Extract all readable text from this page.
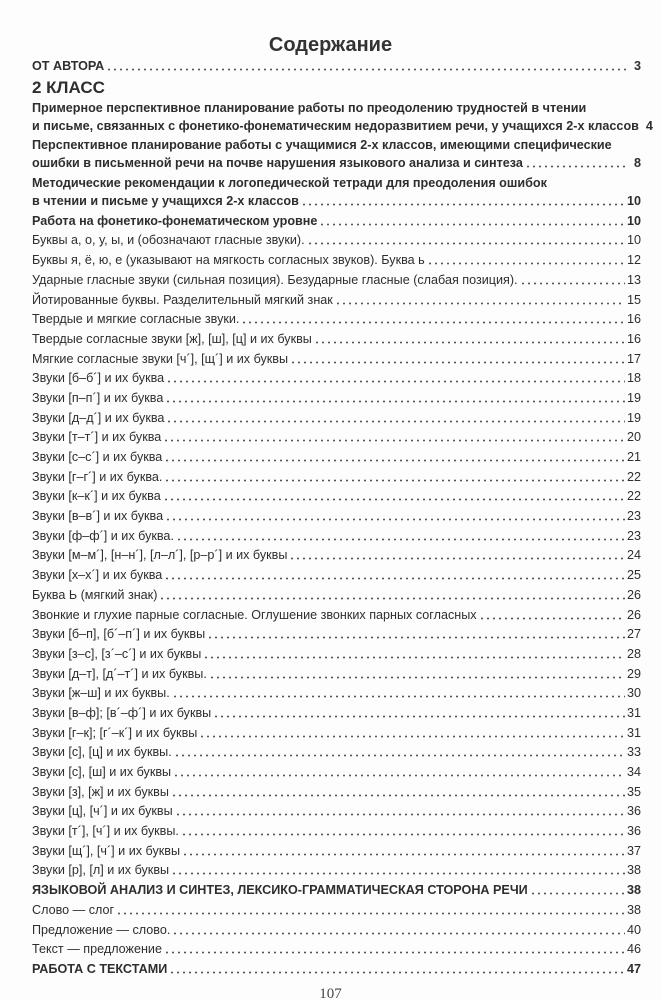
Содержание
ОТ АВТОРА	3
2 КЛАСС
Примерное перспективное планирование работы по преодолению трудностей в чтении
и письме, связанных с фонетико-фонематическим недоразвитием речи, у учащихся 2-х классов 4
Перспективное планирование работы с учащимися 2-х классов, имеющими специфические
ошибки в письменной речи на почве нарушения языкового анализа и синтеза	8
Методические рекомендации к логопедической тетради для преодоления ошибок
в чтении и письме у учащихся 2-х классов	10
Работа на фонетико-фонематическом уровне	10
Буквы а, о, у, ы, и (обозначают гласные звуки).	10
Буквы я, ё, ю, е (указывают на мягкость согласных звуков). Буква ь	12
Ударные гласные звуки (сильная позиция). Безударные гласные (слабая позиция).	13
Йотированные буквы. Разделительный мягкий знак	15
Твердые и мягкие согласные звуки.	16
Твердые согласные звуки [ж], [ш], [ц] и их буквы	16
Мягкие согласные звуки [ч´], [щ´] и их буквы	17
Звуки [б–б´] и их буква	18
Звуки [п–п´] и их буква	19
Звуки [д–д´] и их буква	19
Звуки [т–т´] и их буква	20
Звуки [с–с´] и их буква	21
Звуки [г–г´] и их буква.	22
Звуки [к–к´] и их буква	22
Звуки [в–в´] и их буква	23
Звуки [ф–ф´] и их буква.	23
Звуки [м–м´], [н–н´], [л–л´], [р–р´] и их буквы	24
Звуки [х–х´] и их буква	25
Буква Ь (мягкий знак)	26
Звонкие и глухие парные согласные. Оглушение звонких парных согласных	26
Звуки [б–п], [б´–п´] и их буквы	27
Звуки [з–с], [з´–с´] и их буквы	28
Звуки [д–т], [д´–т´] и их буквы.	29
Звуки [ж–ш] и их буквы.	30
Звуки [в–ф]; [в´–ф´] и их буквы	31
Звуки [г–к]; [г´–к´] и их буквы	31
Звуки [с], [ц] и их буквы.	33
Звуки [с], [ш] и их буквы	34
Звуки [з], [ж] и их буквы	35
Звуки [ц], [ч´] и их буквы	36
Звуки [т´], [ч´] и их буквы.	36
Звуки [щ´], [ч´] и их буквы	37
Звуки [р], [л] и их буквы	38
ЯЗЫКОВОЙ АНАЛИЗ И СИНТЕЗ, ЛЕКСИКО-ГРАММАТИЧЕСКАЯ СТОРОНА РЕЧИ	38
Слово — слог	38
Предложение — слово.	40
Текст — предложение	46
РАБОТА С ТЕКСТАМИ	47
107
